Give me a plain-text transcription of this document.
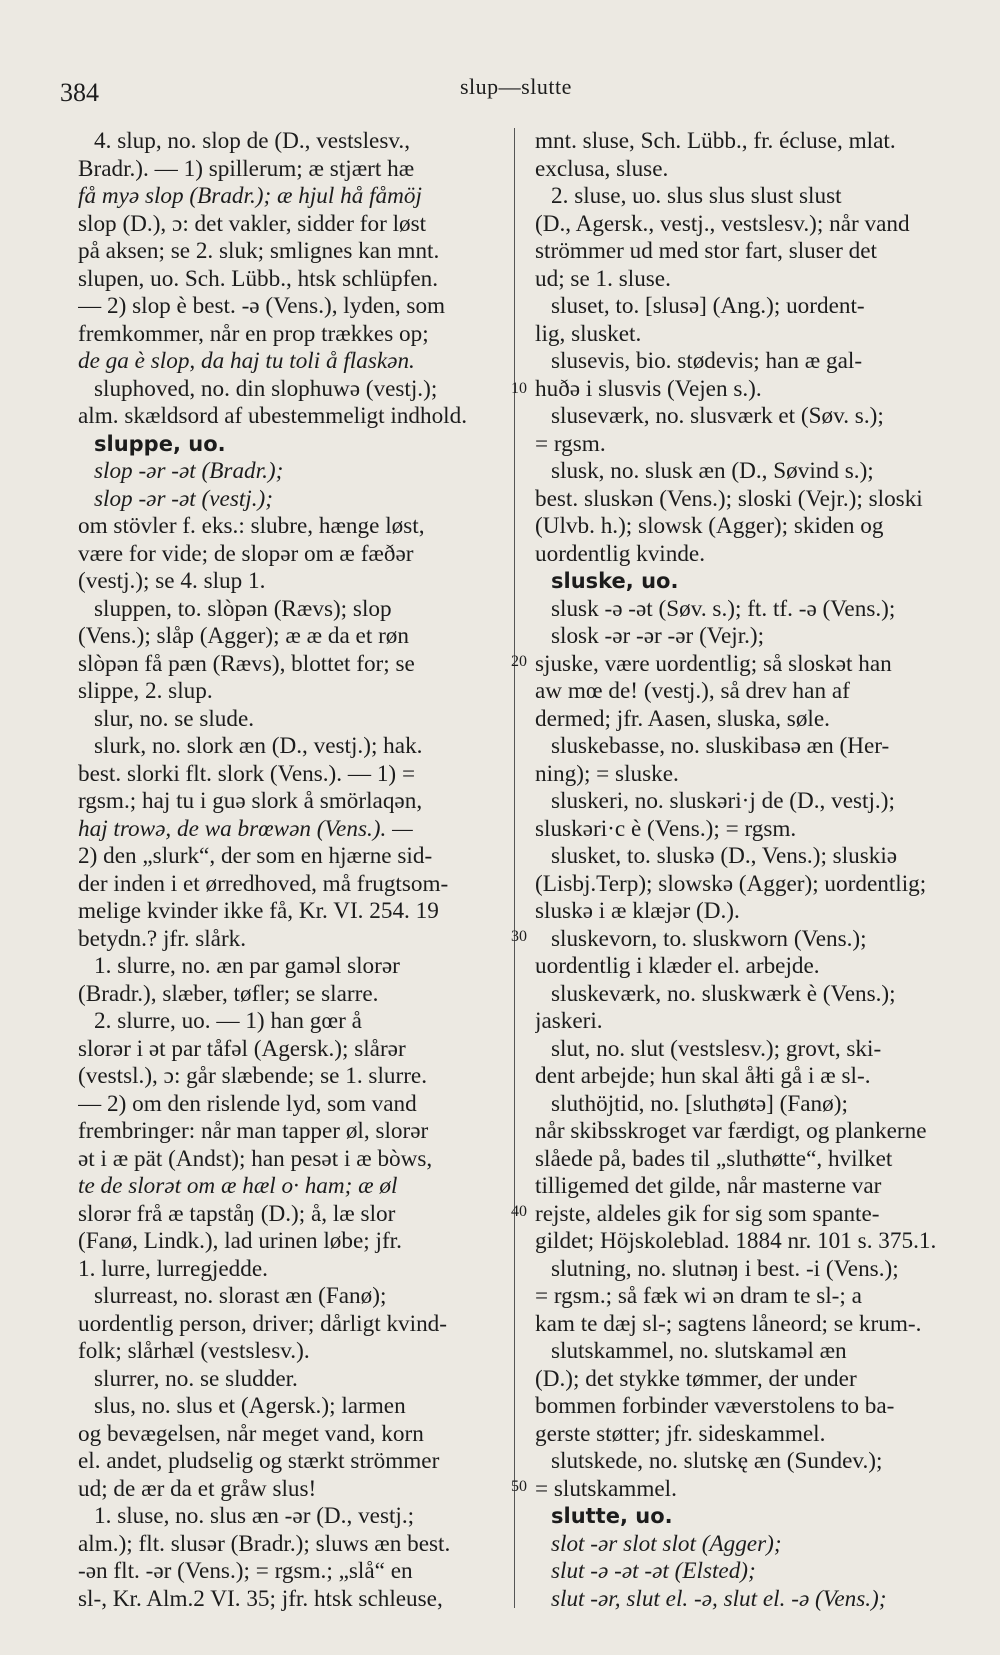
384	slup—slutte
4. slup, no. slop de (D., vestslesv.,
Bradr.). — 1) spillerum; æ stjært hæ
få myə slop (Bradr.); æ hjul hå fåmöj
slop (D.), ɔ: det vakler, sidder for løst
på aksen; se 2. sluk; smlignes kan mnt.
slupen, uo. Sch. Lübb., htsk schlüpfen.
— 2) slop è best. -ə (Vens.), lyden, som
fremkommer, når en prop trækkes op;
de ga è slop, da haj tu toli å flaskən.
sluphoved, no. din slophuwə (vestj.);
alm. skældsord af ubestemmeligt indhold.
sluppe, uo.
slop -ər -ət (Bradr.);
slop -ər -ət (vestj.);
om stövler f. eks.: slubre, hænge løst,
være for vide; de slopər om æ fæðər
(vestj.); se 4. slup 1.
sluppen, to. slòpən (Rævs); slop
(Vens.); slåp (Agger); æ æ da et røn
slòpən få pæn (Rævs), blottet for; se
slippe, 2. slup.
slur, no. se slude.
slurk, no. slork æn (D., vestj.); hak.
best. slorki flt. slork (Vens.). — 1) =
rgsm.; haj tu i guə slork å smörlaqən,
haj trowə, de wa brœwən (Vens.). —
2) den „slurk“, der som en hjærne sid-
der inden i et ørredhoved, må frugtsom-
melige kvinder ikke få, Kr. VI. 254. 19
betydn.? jfr. slårk.
1. slurre, no. æn par gaməl slorər
(Bradr.), slæber, tøfler; se slarre.
2. slurre, uo. — 1) han gœr å
slorər i ət par tåfəl (Agersk.); slårər
(vestsl.), ɔ: går slæbende; se 1. slurre.
— 2) om den rislende lyd, som vand
frembringer: når man tapper øl, slorər
ət i æ pät (Andst); han pesət i æ bòws,
te de slorət om æ hæl o· ham; æ øl
slorər frå æ tapståŋ (D.); å, læ slor
(Fanø, Lindk.), lad urinen løbe; jfr.
1. lurre, lurregjedde.
slurreast, no. slorast æn (Fanø);
uordentlig person, driver; dårligt kvind-
folk; slårhæl (vestslesv.).
slurrer, no. se sludder.
slus, no. slus et (Agersk.); larmen
og bevægelsen, når meget vand, korn
el. andet, pludselig og stærkt strömmer
ud; de ær da et gråw slus!
1. sluse, no. slus æn -ər (D., vestj.;
alm.); flt. slusər (Bradr.); sluws æn best.
-ən flt. -ər (Vens.); = rgsm.; „slå“ en
sl-, Kr. Alm.2 VI. 35; jfr. htsk schleuse,
10
20
30
40
50
mnt. sluse, Sch. Lübb., fr. écluse, mlat.
exclusa, sluse.
2. sluse, uo. slus slus slust slust
(D., Agersk., vestj., vestslesv.); når vand
strömmer ud med stor fart, sluser det
ud; se 1. sluse.
sluset, to. [slusə] (Ang.); uordent-
lig, slusket.
slusevis, bio. stødevis; han æ gal-
huðə i slusvis (Vejen s.).
sluseværk, no. slusværk et (Søv. s.);
= rgsm.
slusk, no. slusk æn (D., Søvind s.);
best. sluskən (Vens.); sloski (Vejr.); sloski
(Ulvb. h.); slowsk (Agger); skiden og
uordentlig kvinde.
sluske, uo.
slusk -ə -ət (Søv. s.); ft. tf. -ə (Vens.);
slosk -ər -ər -ər (Vejr.);
sjuske, være uordentlig; så sloskət han
aw mœ de! (vestj.), så drev han af
dermed; jfr. Aasen, sluska, søle.
sluskebasse, no. sluskibasə æn (Her-
ning); = sluske.
sluskeri, no. sluskəri·j de (D., vestj.);
sluskəri·c è (Vens.); = rgsm.
slusket, to. sluskə (D., Vens.); sluskiə
(Lisbj.Terp); slowskə (Agger); uordentlig;
sluskə i æ klæjər (D.).
sluskevorn, to. sluskworn (Vens.);
uordentlig i klæder el. arbejde.
sluskeværk, no. sluskwærk è (Vens.);
jaskeri.
slut, no. slut (vestslesv.); grovt, ski-
dent arbejde; hun skal åłti gå i æ sl-.
sluthöjtid, no. [sluthøtə] (Fanø);
når skibsskroget var færdigt, og plankerne
slåede på, bades til „sluthøtte“, hvilket
tilligemed det gilde, når masterne var
rejste, aldeles gik for sig som spante-
gildet; Höjskoleblad. 1884 nr. 101 s. 375.1.
slutning, no. slutnəŋ i best. -i (Vens.);
= rgsm.; så fæk wi ən dram te sl-; a
kam te dæj sl-; sagtens låneord; se krum-.
slutskammel, no. slutskaməl æn
(D.); det stykke tømmer, der under
bommen forbinder væverstolens to ba-
gerste støtter; jfr. sideskammel.
slutskede, no. slutskę æn (Sundev.);
= slutskammel.
slutte, uo.
slot -ər slot slot (Agger);
slut -ə -ət -ət (Elsted);
slut -ər, slut el. -ə, slut el. -ə (Vens.);
